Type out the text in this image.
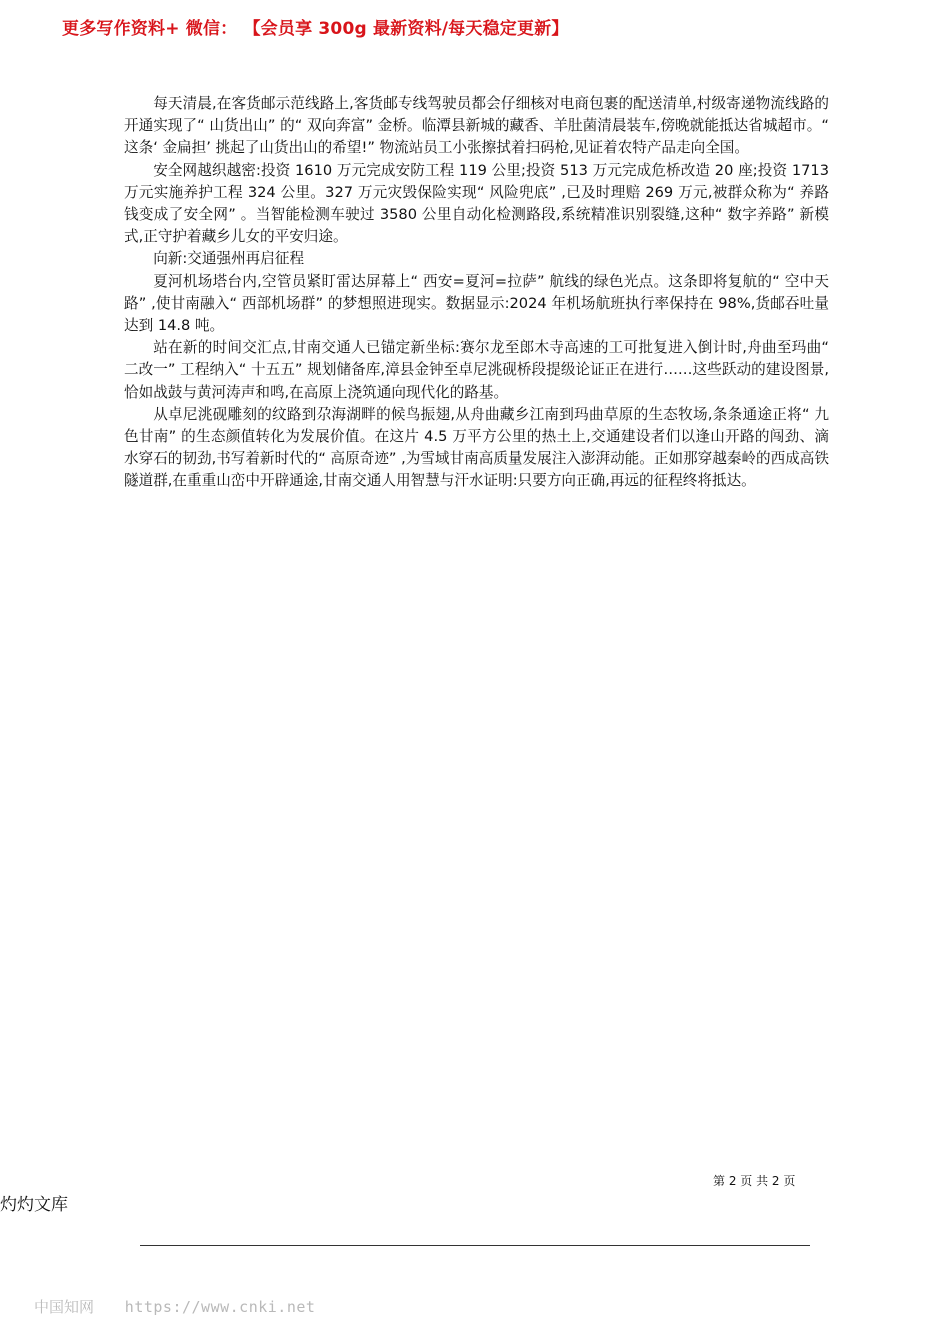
更多写作资料+ 微信： 【会员享 300g 最新资料/每天稳定更新】

每天清晨,在客货邮示范线路上,客货邮专线驾驶员都会仔细核对电商包裹的配送清单,村级寄递物流线路的开通实现了“ 山货出山” 的“ 双向奔富” 金桥。临潭县新城的藏香、羊肚菌清晨装车,傍晚就能抵达省城超市。“ 这条‘ 金扁担’ 挑起了山货出山的希望!” 物流站员工小张擦拭着扫码枪,见证着农特产品走向全国。

安全网越织越密:投资 1610 万元完成安防工程 119 公里;投资 513 万元完成危桥改造 20 座;投资 1713 万元实施养护工程 324 公里。327 万元灾毁保险实现“ 风险兜底” ,已及时理赔 269 万元,被群众称为“ 养路钱变成了安全网” 。当智能检测车驶过 3580 公里自动化检测路段,系统精准识别裂缝,这种“ 数字养路” 新模式,正守护着藏乡儿女的平安归途。

向新:交通强州再启征程

夏河机场塔台内,空管员紧盯雷达屏幕上“ 西安=夏河=拉萨” 航线的绿色光点。这条即将复航的“ 空中天路” ,使甘南融入“ 西部机场群” 的梦想照进现实。数据显示:2024 年机场航班执行率保持在 98%,货邮吞吐量达到 14.8 吨。

站在新的时间交汇点,甘南交通人已锚定新坐标:赛尔龙至郎木寺高速的工可批复进入倒计时,舟曲至玛曲“ 二改一” 工程纳入“ 十五五” 规划储备库,漳县金钟至卓尼洮砚桥段提级论证正在进行……这些跃动的建设图景,恰如战鼓与黄河涛声和鸣,在高原上浇筑通向现代化的路基。

从卓尼洮砚雕刻的纹路到尕海湖畔的候鸟振翅,从舟曲藏乡江南到玛曲草原的生态牧场,条条通途正将“ 九色甘南” 的生态颜值转化为发展价值。在这片 4.5 万平方公里的热土上,交通建设者们以逢山开路的闯劲、滴水穿石的韧劲,书写着新时代的“ 高原奇迹” ,为雪域甘南高质量发展注入澎湃动能。正如那穿越秦岭的西成高铁隧道群,在重重山峦中开辟通途,甘南交通人用智慧与汗水证明:只要方向正确,再远的征程终将抵达。

第 2 页 共 2 页
灼灼文库
中国知网 https://www.cnki.net
